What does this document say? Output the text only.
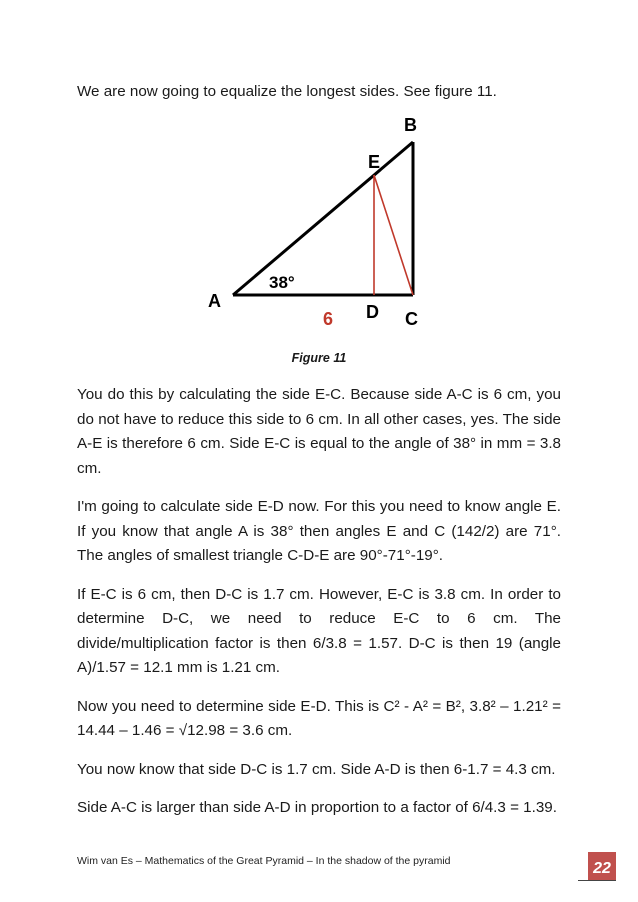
We are now going to equalize the longest sides. See figure 11.

B
E
A
D C
38°
6
Figure 11

You do this by calculating the side E-C. Because side A-C is 6 cm, you do not have to reduce this side to 6 cm. In all other cases, yes. The side A-E is therefore 6 cm. Side E-C is equal to the angle of 38° in mm = 3.8 cm.

I'm going to calculate side E-D now. For this you need to know angle E. If you know that angle A is 38° then angles E and C (142/2) are 71°. The angles of smallest triangle C-D-E are 90°-71°-19°.

If E-C is 6 cm, then D-C is 1.7 cm. However, E-C is 3.8 cm. In order to determine D-C, we need to reduce E-C to 6 cm. The divide/multiplication factor is then 6/3.8 = 1.57. D-C is then 19 (angle A)/1.57 = 12.1 mm is 1.21 cm.

Now you need to determine side E-D. This is C² - A² = B², 3.8² – 1.21² = 14.44 – 1.46 = √12.98 = 3.6 cm.

You now know that side D-C is 1.7 cm. Side A-D is then 6-1.7 = 4.3 cm.

Side A-C is larger than side A-D in proportion to a factor of 6/4.3 = 1.39.

Wim van Es – Mathematics of the Great Pyramid – In the shadow of the pyramid	22
